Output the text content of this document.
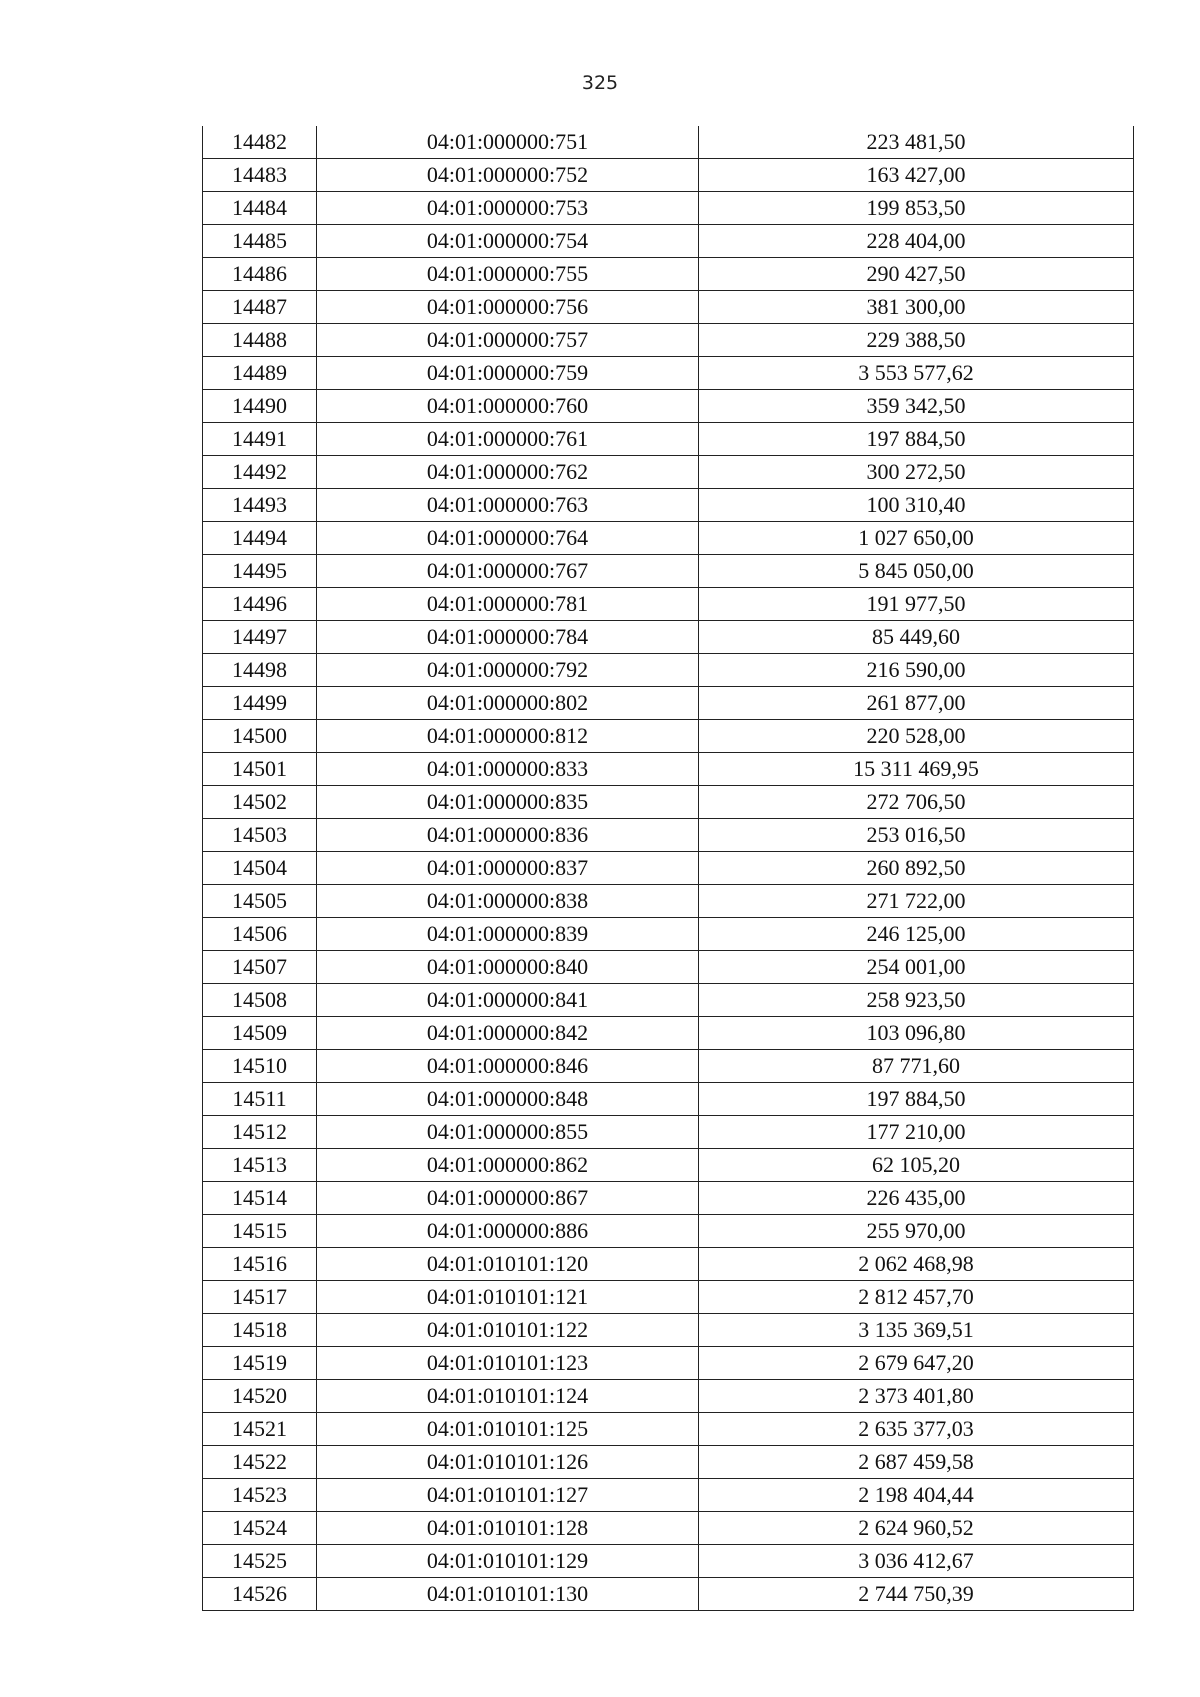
325
14482	04:01:000000:751	223 481,50
14483	04:01:000000:752	163 427,00
14484	04:01:000000:753	199 853,50
14485	04:01:000000:754	228 404,00
14486	04:01:000000:755	290 427,50
14487	04:01:000000:756	381 300,00
14488	04:01:000000:757	229 388,50
14489	04:01:000000:759	3 553 577,62
14490	04:01:000000:760	359 342,50
14491	04:01:000000:761	197 884,50
14492	04:01:000000:762	300 272,50
14493	04:01:000000:763	100 310,40
14494	04:01:000000:764	1 027 650,00
14495	04:01:000000:767	5 845 050,00
14496	04:01:000000:781	191 977,50
14497	04:01:000000:784	85 449,60
14498	04:01:000000:792	216 590,00
14499	04:01:000000:802	261 877,00
14500	04:01:000000:812	220 528,00
14501	04:01:000000:833	15 311 469,95
14502	04:01:000000:835	272 706,50
14503	04:01:000000:836	253 016,50
14504	04:01:000000:837	260 892,50
14505	04:01:000000:838	271 722,00
14506	04:01:000000:839	246 125,00
14507	04:01:000000:840	254 001,00
14508	04:01:000000:841	258 923,50
14509	04:01:000000:842	103 096,80
14510	04:01:000000:846	87 771,60
14511	04:01:000000:848	197 884,50
14512	04:01:000000:855	177 210,00
14513	04:01:000000:862	62 105,20
14514	04:01:000000:867	226 435,00
14515	04:01:000000:886	255 970,00
14516	04:01:010101:120	2 062 468,98
14517	04:01:010101:121	2 812 457,70
14518	04:01:010101:122	3 135 369,51
14519	04:01:010101:123	2 679 647,20
14520	04:01:010101:124	2 373 401,80
14521	04:01:010101:125	2 635 377,03
14522	04:01:010101:126	2 687 459,58
14523	04:01:010101:127	2 198 404,44
14524	04:01:010101:128	2 624 960,52
14525	04:01:010101:129	3 036 412,67
14526	04:01:010101:130	2 744 750,39
